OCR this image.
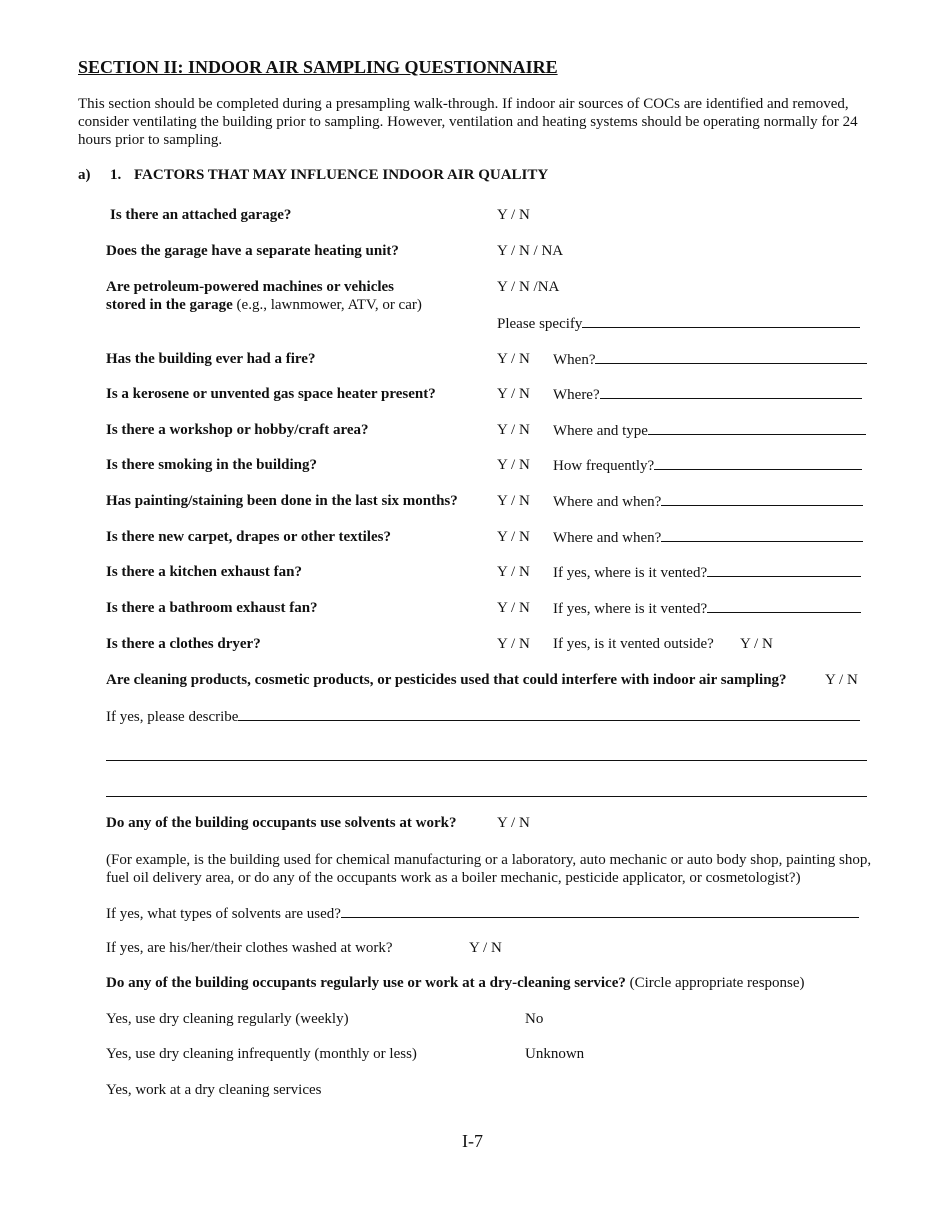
SECTION II: INDOOR AIR SAMPLING QUESTIONNAIRE
This section should be completed during a presampling walk-through. If indoor air sources of COCs are identified and removed, consider ventilating the building prior to sampling. However, ventilation and heating systems should be operating normally for 24 hours prior to sampling.
a) 1. FACTORS THAT MAY INFLUENCE INDOOR AIR QUALITY
Is there an attached garage?	Y / N
Does the garage have a separate heating unit?	Y / N / NA
Are petroleum-powered machines or vehicles
stored in the garage (e.g., lawnmower, ATV, or car)
Y / N /NA
Please specify
Has the building ever had a fire?	Y / N When?
Is a kerosene or unvented gas space heater present?	Y / N Where?
Is there a workshop or hobby/craft area?	Y / N Where and type
Is there smoking in the building?	Y / N How frequently?
Has painting/staining been done in the last six months?	Y / N Where and when?
Is there new carpet, drapes or other textiles?	Y / N Where and when?
Is there a kitchen exhaust fan?	Y / N If yes, where is it vented?
Is there a bathroom exhaust fan?	Y / N If yes, where is it vented?
Is there a clothes dryer?	Y / N If yes, is it vented outside? Y / N
Are cleaning products, cosmetic products, or pesticides used that could interfere with indoor air sampling?	Y / N
If yes, please describe
Do any of the building occupants use solvents at work?	Y / N
(For example, is the building used for chemical manufacturing or a laboratory, auto mechanic or auto body shop, painting shop, fuel oil delivery area, or do any of the occupants work as a boiler mechanic, pesticide applicator, or cosmetologist?)
If yes, what types of solvents are used?
If yes, are his/her/their clothes washed at work?	Y / N
Do any of the building occupants regularly use or work at a dry-cleaning service? (Circle appropriate response)
Yes, use dry cleaning regularly (weekly)	No
Yes, use dry cleaning infrequently (monthly or less)	Unknown
Yes, work at a dry cleaning services
I-7
